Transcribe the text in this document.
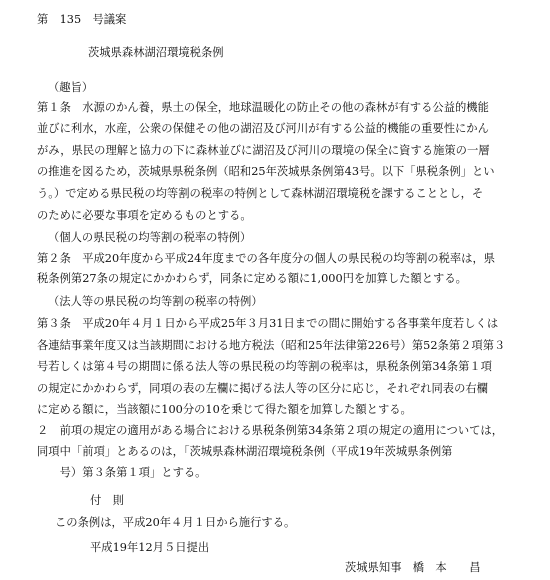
第　135　号議案
茨城県森林湖沼環境税条例
（趣旨）
第１条　水源のかん養，県土の保全，地球温暖化の防止その他の森林が有する公益的機能
並びに利水，水産，公衆の保健その他の湖沼及び河川が有する公益的機能の重要性にかん
がみ，県民の理解と協力の下に森林並びに湖沼及び河川の環境の保全に資する施策の一層
の推進を図るため，茨城県県税条例（昭和25年茨城県条例第43号。以下「県税条例」とい
う。）で定める県民税の均等割の税率の特例として森林湖沼環境税を課することとし，そ
のために必要な事項を定めるものとする。
（個人の県民税の均等割の税率の特例）
第２条　平成20年度から平成24年度までの各年度分の個人の県民税の均等割の税率は，県
税条例第27条の規定にかかわらず，同条に定める額に1,000円を加算した額とする。
（法人等の県民税の均等割の税率の特例）
第３条　平成20年４月１日から平成25年３月31日までの間に開始する各事業年度若しくは
各連結事業年度又は当該期間における地方税法（昭和25年法律第226号）第52条第２項第３
号若しくは第４号の期間に係る法人等の県民税の均等割の税率は，県税条例第34条第１項
の規定にかかわらず，同項の表の左欄に掲げる法人等の区分に応じ，それぞれ同表の右欄
に定める額に，当該額に100分の10を乗じて得た額を加算した額とする。
２　前項の規定の適用がある場合における県税条例第34条第２項の規定の適用については，
同項中「前項」とあるのは，「茨城県森林湖沼環境税条例（平成19年茨城県条例第
　　号）第３条第１項」とする。
付　則
この条例は，平成20年４月１日から施行する。
平成19年12月５日提出
茨城県知事　橋　本　　昌
